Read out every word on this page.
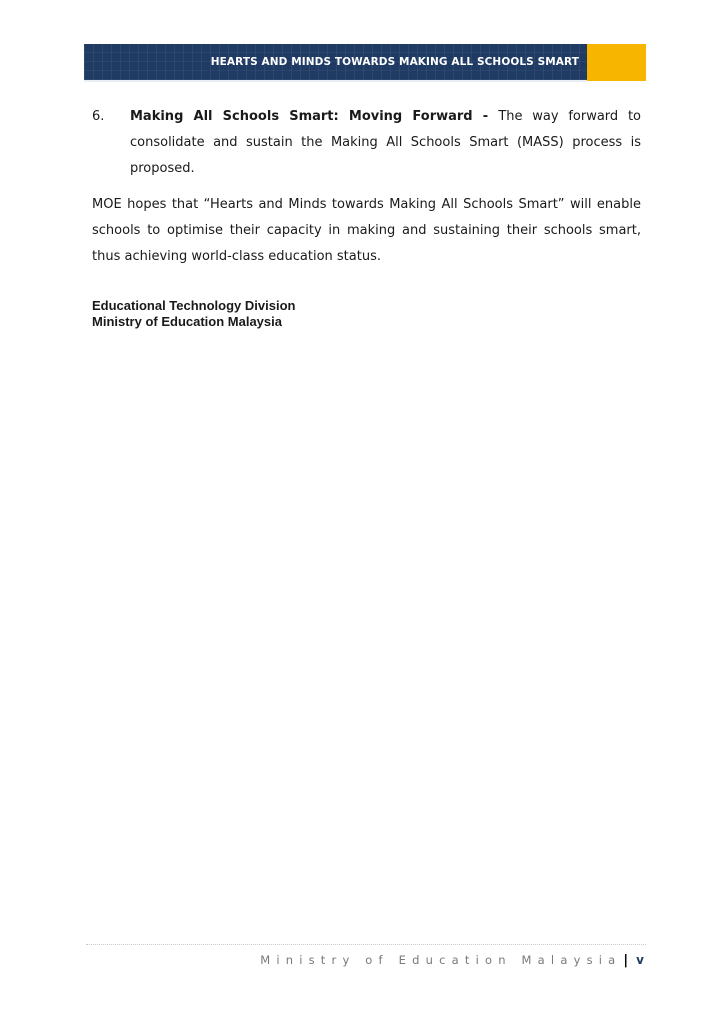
HEARTS AND MINDS TOWARDS MAKING ALL SCHOOLS SMART

6. Making All Schools Smart: Moving Forward - The way forward to consolidate and sustain the Making All Schools Smart (MASS) process is proposed.

MOE hopes that “Hearts and Minds towards Making All Schools Smart” will enable schools to optimise their capacity in making and sustaining their schools smart, thus achieving world-class education status.

Educational Technology Division
Ministry of Education Malaysia
Ministry of Education Malaysia | v
